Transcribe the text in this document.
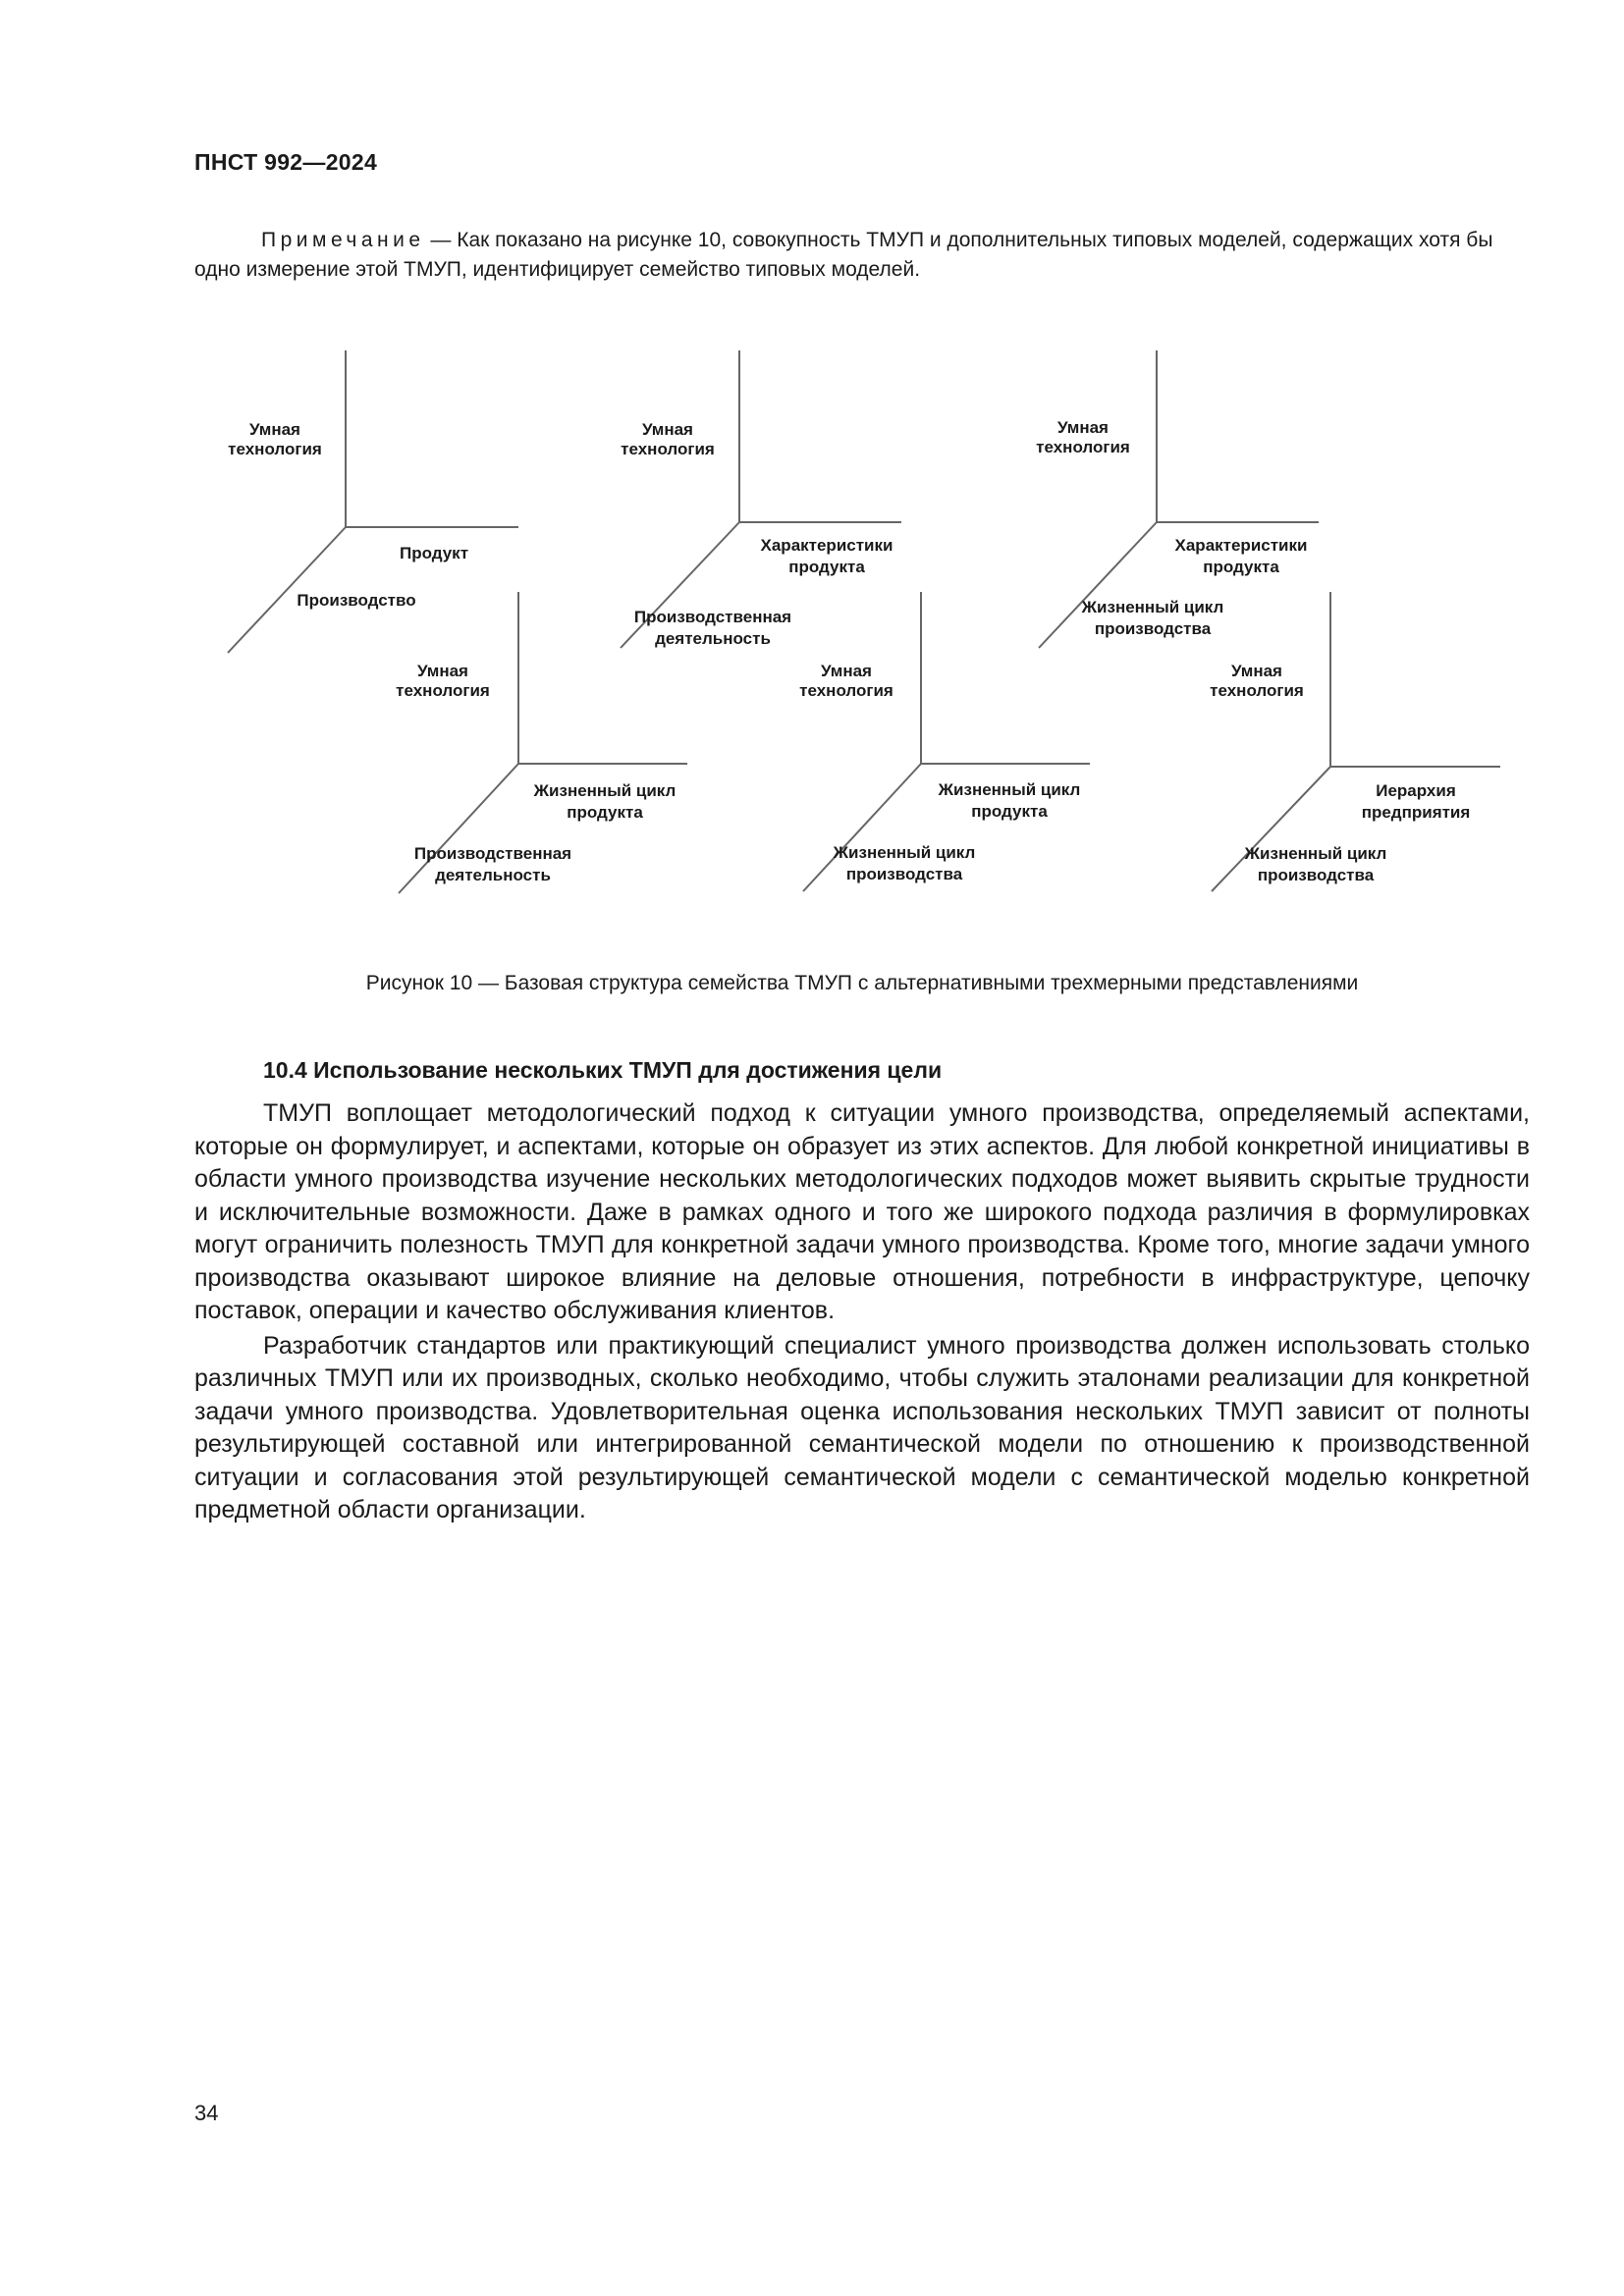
ПНСТ 992—2024
Примечание — Как показано на рисунке 10, совокупность ТМУП и дополнительных типовых моделей, содержащих хотя бы одно измерение этой ТМУП, идентифицирует семейство типовых моделей.
Умная технология
Продукт
Производство
Умная технология
Характеристики продукта
Производственная деятельность
Умная технология
Характеристики продукта
Жизненный цикл производства
Умная технология
Жизненный цикл продукта
Производственная деятельность
Умная технология
Жизненный цикл продукта
Жизненный цикл производства
Умная технология
Иерархия предприятия
Жизненный цикл производства
Рисунок 10 — Базовая структура семейства ТМУП с альтернативными трехмерными представлениями
10.4 Использование нескольких ТМУП для достижения цели

ТМУП воплощает методологический подход к ситуации умного производства, определяемый аспектами, которые он формулирует, и аспектами, которые он образует из этих аспектов. Для любой конкретной инициативы в области умного производства изучение нескольких методологических подходов может выявить скрытые трудности и исключительные возможности. Даже в рамках одного и того же широкого подхода различия в формулировках могут ограничить полезность ТМУП для конкретной задачи умного производства. Кроме того, многие задачи умного производства оказывают широкое влияние на деловые отношения, потребности в инфраструктуре, цепочку поставок, операции и качество обслуживания клиентов.

Разработчик стандартов или практикующий специалист умного производства должен использовать столько различных ТМУП или их производных, сколько необходимо, чтобы служить эталонами реализации для конкретной задачи умного производства. Удовлетворительная оценка использования нескольких ТМУП зависит от полноты результирующей составной или интегрированной семантической модели по отношению к производственной ситуации и согласования этой результирующей семантической модели с семантической моделью конкретной предметной области организации.

34
